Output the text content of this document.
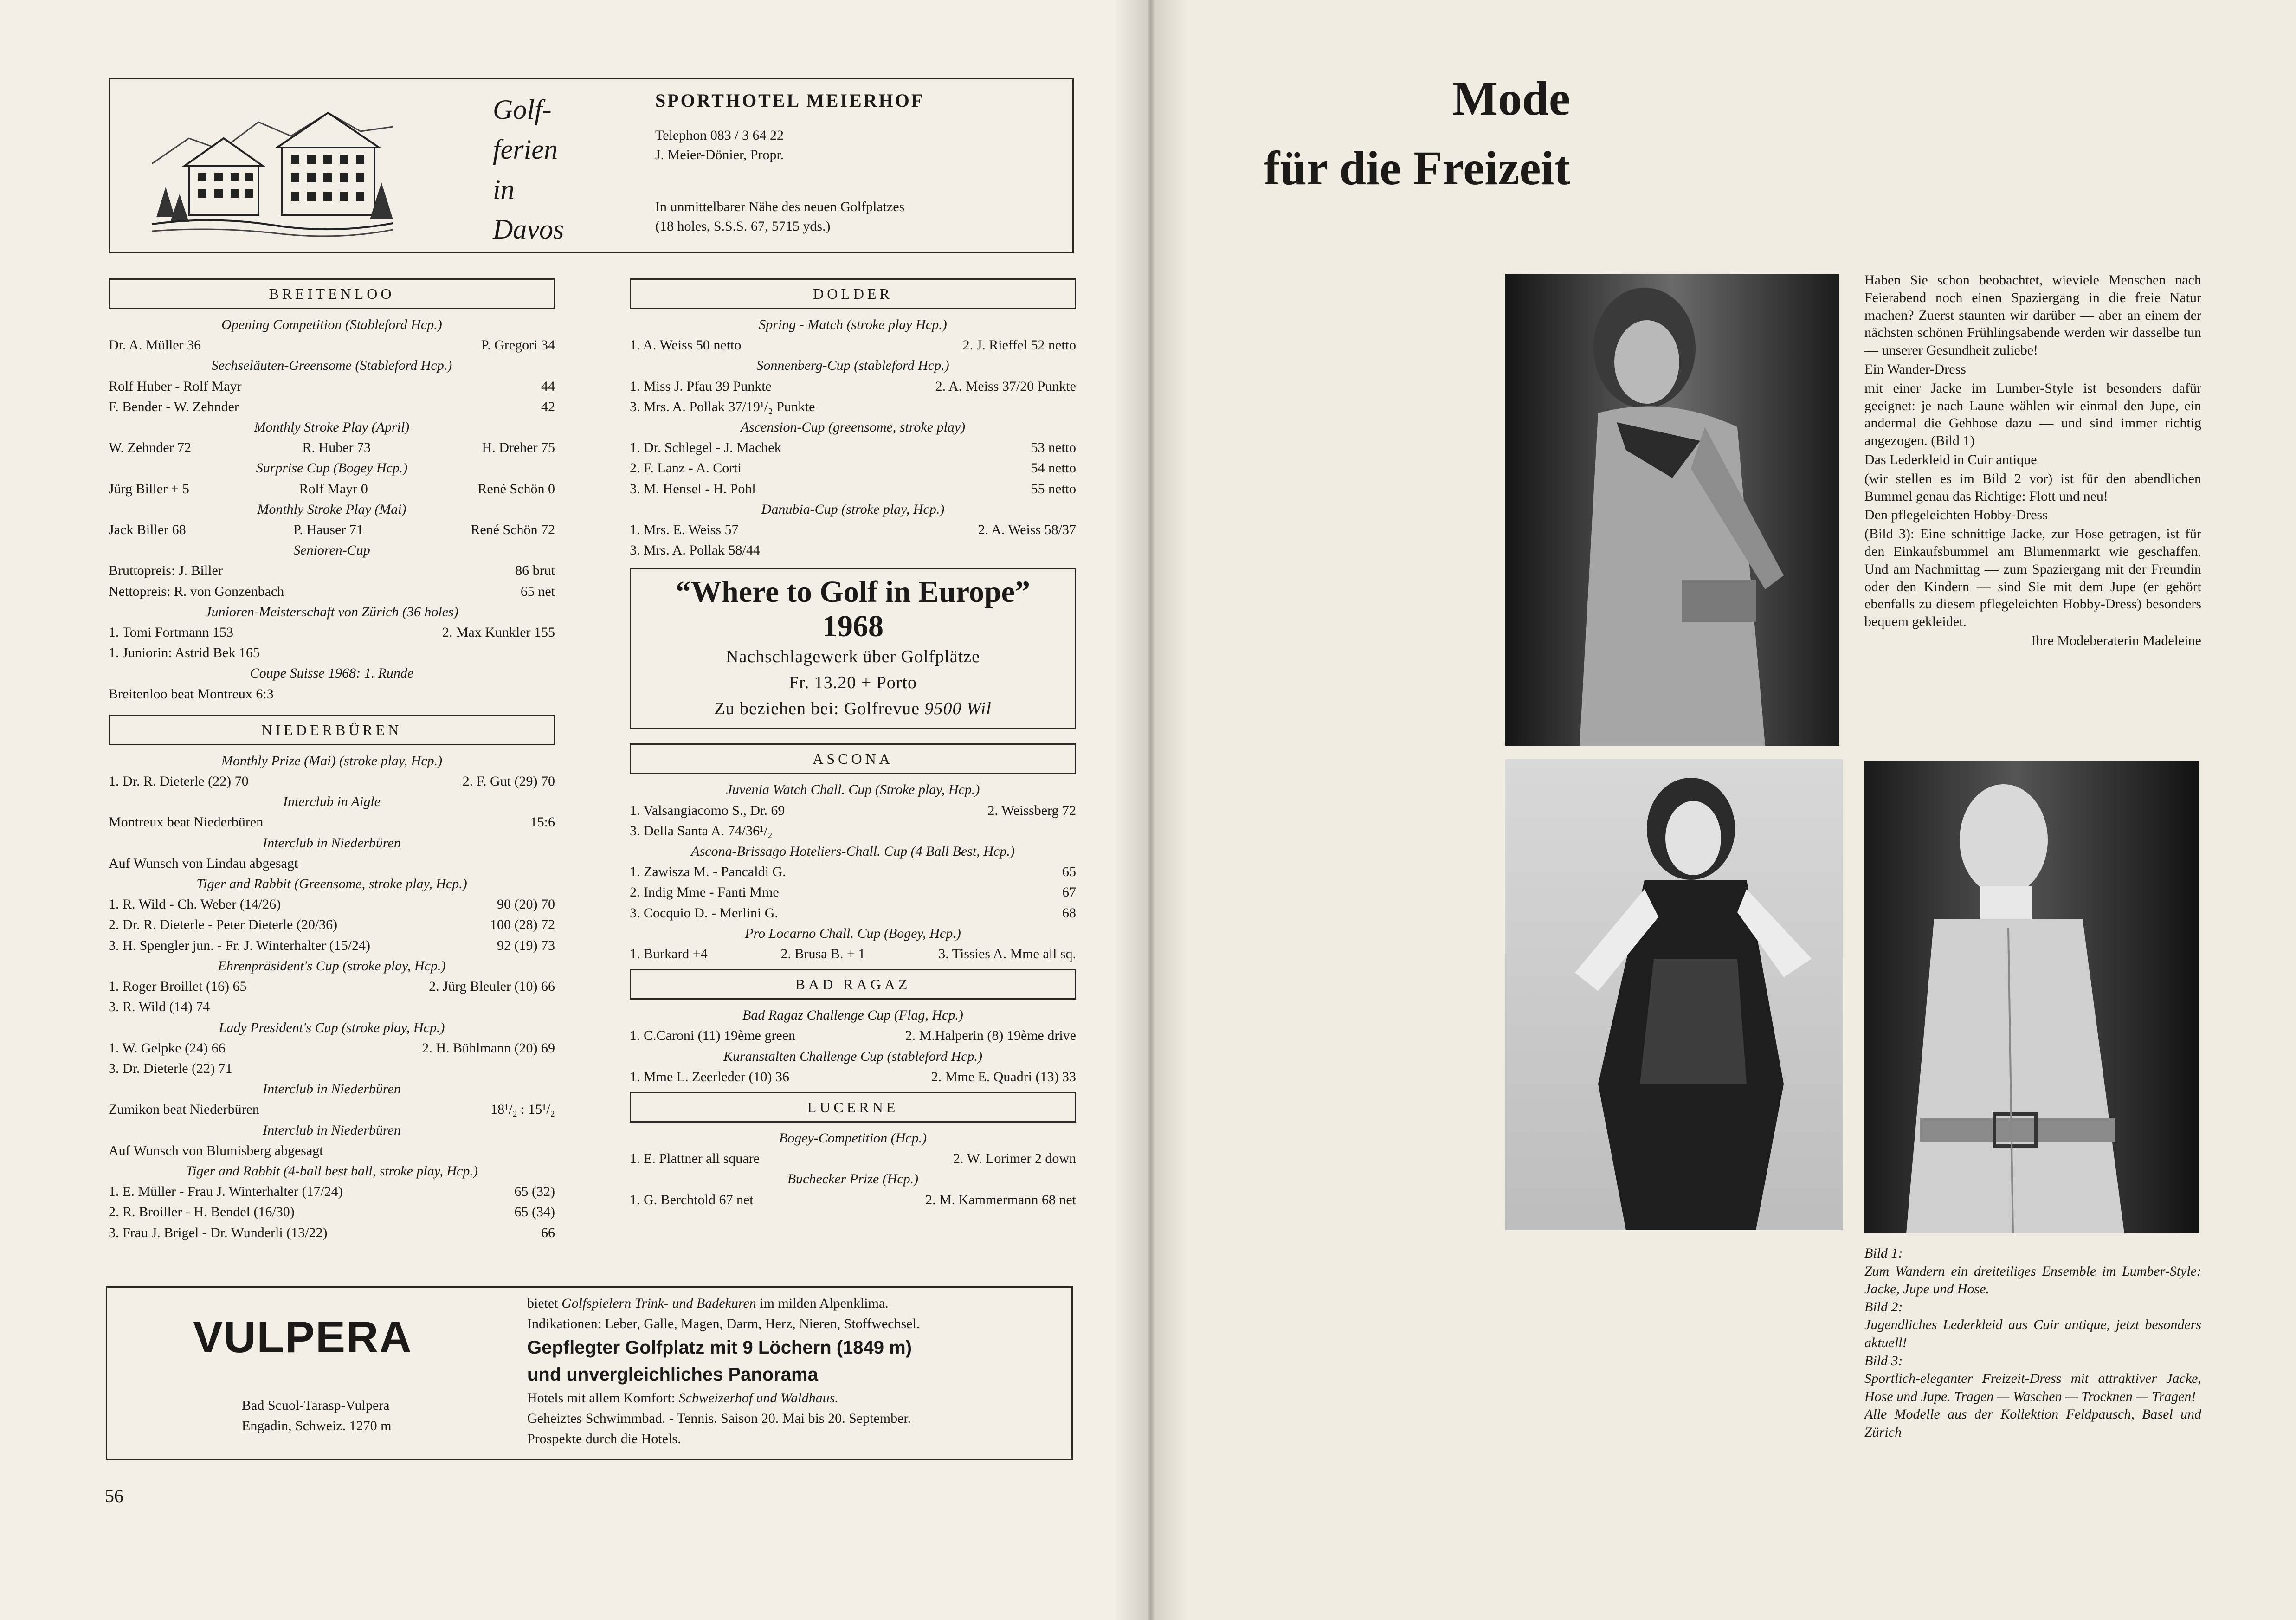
Golf-
ferien
in
Davos
SPORTHOTEL MEIERHOF
Telephon 083 / 3 64 22
J. Meier-Dönier, Propr.
In unmittelbarer Nähe des neuen Golfplatzes
(18 holes, S.S.S. 67, 5715 yds.)
BREITENLOO
Opening Competition (Stableford Hcp.)
Dr. A. Müller 36	P. Gregori 34
Sechseläuten-Greensome (Stableford Hcp.)
Rolf Huber - Rolf Mayr	44
F. Bender - W. Zehnder	42
Monthly Stroke Play (April)
W. Zehnder 72	R. Huber 73	H. Dreher 75
Surprise Cup (Bogey Hcp.)
Jürg Biller + 5	Rolf Mayr 0	René Schön 0
Monthly Stroke Play (Mai)
Jack Biller 68	P. Hauser 71	René Schön 72
Senioren-Cup
Bruttopreis: J. Biller	86 brut
Nettopreis: R. von Gonzenbach	65 net
Junioren-Meisterschaft von Zürich (36 holes)
1. Tomi Fortmann 153	2. Max Kunkler 155
1. Juniorin: Astrid Bek 165
Coupe Suisse 1968: 1. Runde
Breitenloo beat Montreux 6:3
NIEDERBÜREN
Monthly Prize (Mai) (stroke play, Hcp.)
1. Dr. R. Dieterle (22) 70	2. F. Gut (29) 70
Interclub in Aigle
Montreux beat Niederbüren	15:6
Interclub in Niederbüren
Auf Wunsch von Lindau abgesagt
Tiger and Rabbit (Greensome, stroke play, Hcp.)
1. R. Wild - Ch. Weber (14/26)	90 (20) 70
2. Dr. R. Dieterle - Peter Dieterle (20/36)	100 (28) 72
3. H. Spengler jun. - Fr. J. Winterhalter (15/24)	92 (19) 73
Ehrenpräsident's Cup (stroke play, Hcp.)
1. Roger Broillet (16) 65	2. Jürg Bleuler (10) 66
3. R. Wild (14) 74
Lady President's Cup (stroke play, Hcp.)
1. W. Gelpke (24) 66	2. H. Bühlmann (20) 69
3. Dr. Dieterle (22) 71
Interclub in Niederbüren
Zumikon beat Niederbüren	18¹/₂ : 15¹/₂
Interclub in Niederbüren
Auf Wunsch von Blumisberg abgesagt
Tiger and Rabbit (4-ball best ball, stroke play, Hcp.)
1. E. Müller - Frau J. Winterhalter (17/24)	65 (32)
2. R. Broiller - H. Bendel (16/30)	65 (34)
3. Frau J. Brigel - Dr. Wunderli (13/22)	66
DOLDER
Spring - Match (stroke play Hcp.)
1. A. Weiss 50 netto	2. J. Rieffel 52 netto
Sonnenberg-Cup (stableford Hcp.)
1. Miss J. Pfau 39 Punkte	2. A. Meiss 37/20 Punkte
3. Mrs. A. Pollak 37/19¹/₂ Punkte
Ascension-Cup (greensome, stroke play)
1. Dr. Schlegel - J. Machek	53 netto
2. F. Lanz - A. Corti	54 netto
3. M. Hensel - H. Pohl	55 netto
Danubia-Cup (stroke play, Hcp.)
1. Mrs. E. Weiss 57	2. A. Weiss 58/37
3. Mrs. A. Pollak 58/44
“Where to Golf in Europe”
1968
Nachschlagewerk über Golfplätze
Fr. 13.20 + Porto
Zu beziehen bei: Golfrevue 9500 Wil
ASCONA
Juvenia Watch Chall. Cup (Stroke play, Hcp.)
1. Valsangiacomo S., Dr. 69	2. Weissberg 72
3. Della Santa A. 74/36¹/₂
Ascona-Brissago Hoteliers-Chall. Cup (4 Ball Best, Hcp.)
1. Zawisza M. - Pancaldi G.	65
2. Indig Mme - Fanti Mme	67
3. Cocquio D. - Merlini G.	68
Pro Locarno Chall. Cup (Bogey, Hcp.)
1. Burkard +4	2. Brusa B. + 1	3. Tissies A. Mme all sq.
BAD RAGAZ
Bad Ragaz Challenge Cup (Flag, Hcp.)
1. C.Caroni (11) 19ème green	2. M.Halperin (8) 19ème drive
Kuranstalten Challenge Cup (stableford Hcp.)
1. Mme L. Zeerleder (10) 36	2. Mme E. Quadri (13) 33
LUCERNE
Bogey-Competition (Hcp.)
1. E. Plattner all square	2. W. Lorimer 2 down
Buchecker Prize (Hcp.)
1. G. Berchtold 67 net	2. M. Kammermann 68 net
VULPERA
Bad Scuol-Tarasp-Vulpera
Engadin, Schweiz. 1270 m
bietet Golfspielern Trink- und Badekuren im milden Alpenklima.
Indikationen: Leber, Galle, Magen, Darm, Herz, Nieren, Stoffwechsel.
Gepflegter Golfplatz mit 9 Löchern (1849 m)
und unvergleichliches Panorama
Hotels mit allem Komfort: Schweizerhof und Waldhaus.
Geheiztes Schwimmbad. - Tennis. Saison 20. Mai bis 20. September.
Prospekte durch die Hotels.
56
Mode
für die Freizeit

Haben Sie schon beobachtet, wieviele Menschen nach Feierabend noch einen Spaziergang in die freie Natur machen? Zuerst staunten wir darüber — aber an einem der nächsten schönen Frühlingsabende werden wir dasselbe tun — unserer Gesundheit zuliebe!

Ein Wander-Dress

mit einer Jacke im Lumber-Style ist besonders dafür geeignet: je nach Laune wählen wir einmal den Jupe, ein andermal die Gehhose dazu — und sind immer richtig angezogen. (Bild 1)

Das Lederkleid in Cuir antique

(wir stellen es im Bild 2 vor) ist für den abendlichen Bummel genau das Richtige: Flott und neu!

Den pflegeleichten Hobby-Dress

(Bild 3): Eine schnittige Jacke, zur Hose getragen, ist für den Einkaufsbummel am Blumenmarkt wie geschaffen. Und am Nachmittag — zum Spaziergang mit der Freundin oder den Kindern — sind Sie mit dem Jupe (er gehört ebenfalls zu diesem pflegeleichten Hobby-Dress) besonders bequem gekleidet.

Ihre Modeberaterin Madeleine

Bild 1:
Zum Wandern ein dreiteiliges Ensemble im Lumber-Style: Jacke, Jupe und Hose.
Bild 2:
Jugendliches Lederkleid aus Cuir antique, jetzt besonders aktuell!
Bild 3:
Sportlich-eleganter Freizeit-Dress mit attraktiver Jacke, Hose und Jupe. Tragen — Waschen — Trocknen — Tragen!
Alle Modelle aus der Kollektion Feldpausch, Basel und Zürich
